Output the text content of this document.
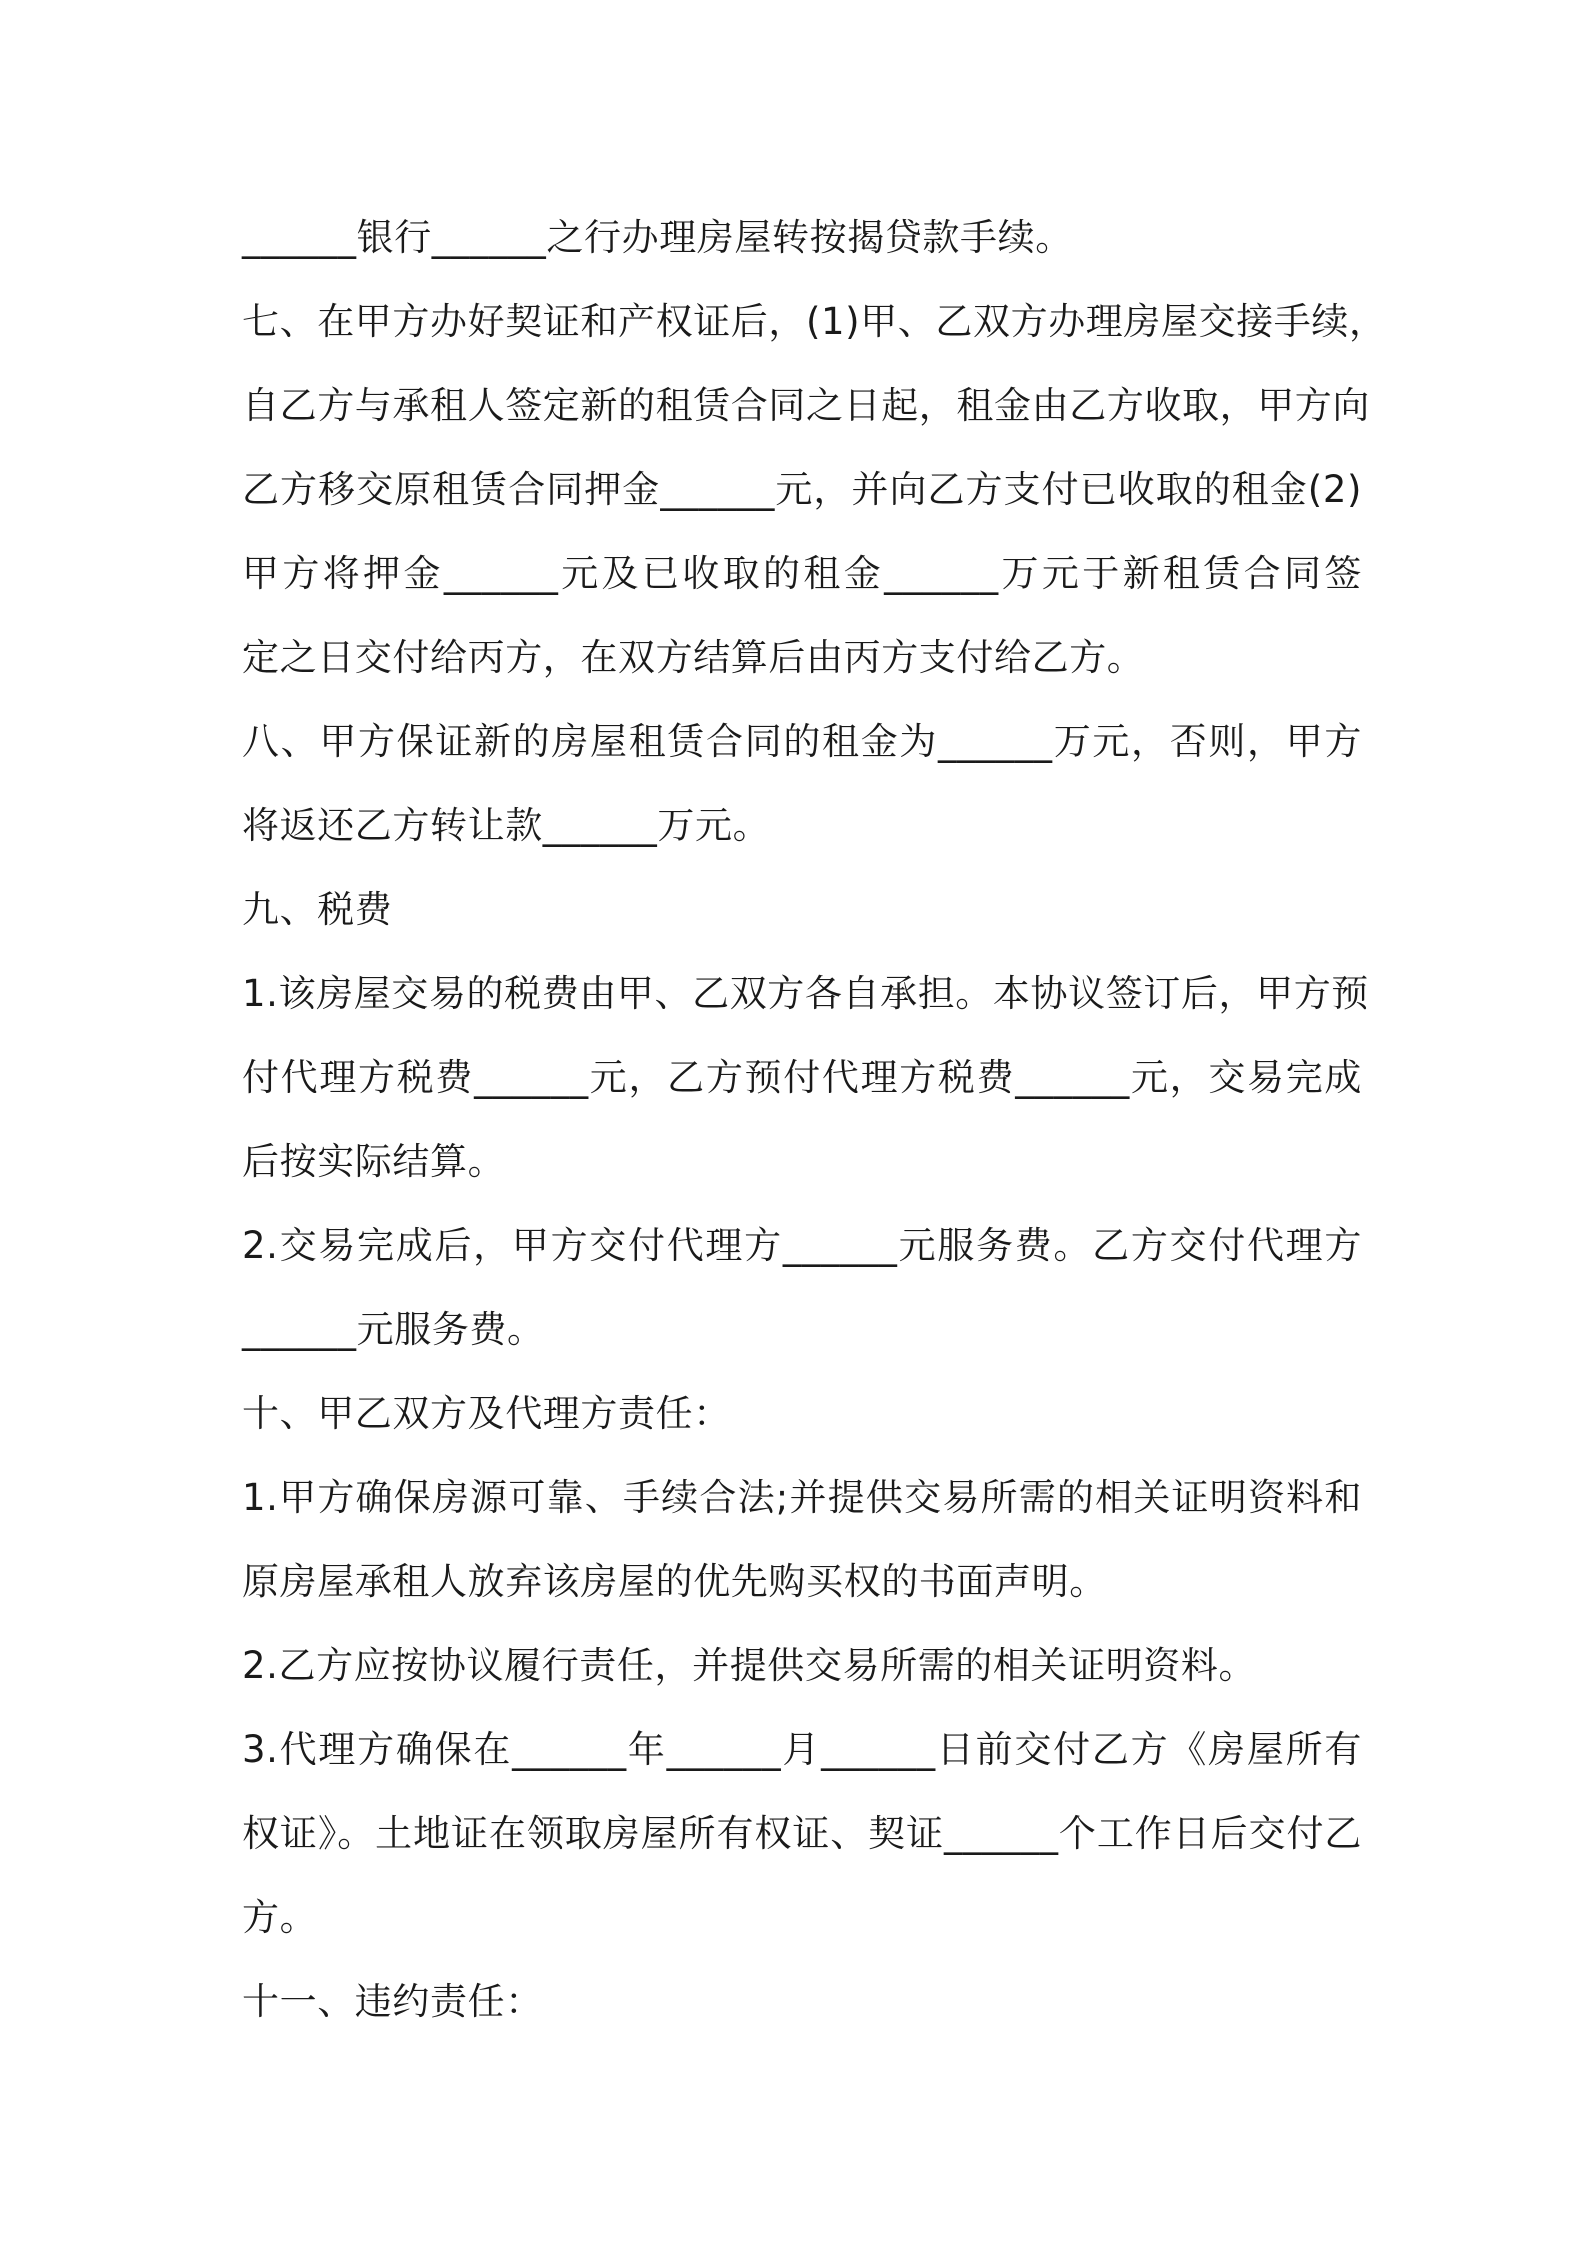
______银行______之行办理房屋转按揭贷款手续。
七、在甲方办好契证和产权证后，(1)甲、乙双方办理房屋交接手续，
自乙方与承租人签定新的租赁合同之日起，租金由乙方收取，甲方向
乙方移交原租赁合同押金______元，并向乙方支付已收取的租金(2)
甲方将押金______元及已收取的租金______万元于新租赁合同签
定之日交付给丙方，在双方结算后由丙方支付给乙方。
八、甲方保证新的房屋租赁合同的租金为______万元，否则，甲方
将返还乙方转让款______万元。
九、税费
1.该房屋交易的税费由甲、乙双方各自承担。本协议签订后，甲方预
付代理方税费______元，乙方预付代理方税费______元，交易完成
后按实际结算。
2.交易完成后，甲方交付代理方______元服务费。乙方交付代理方
______元服务费。
十、甲乙双方及代理方责任：
1.甲方确保房源可靠、手续合法;并提供交易所需的相关证明资料和
原房屋承租人放弃该房屋的优先购买权的书面声明。
2.乙方应按协议履行责任，并提供交易所需的相关证明资料。
3.代理方确保在______年______月______日前交付乙方《房屋所有
权证》。土地证在领取房屋所有权证、契证______个工作日后交付乙
方。
十一、违约责任：
